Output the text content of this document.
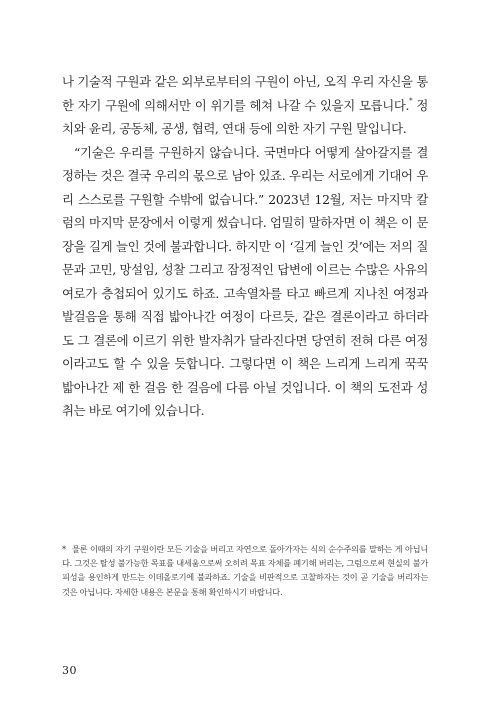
나 기술적 구원과 같은 외부로부터의 구원이 아닌, 오직 우리 자신을 통한 자기 구원에 의해서만 이 위기를 헤쳐 나갈 수 있을지 모릅니다.* 정치와 윤리, 공동체, 공생, 협력, 연대 등에 의한 자기 구원 말입니다.

“기술은 우리를 구원하지 않습니다. 국면마다 어떻게 살아갈지를 결정하는 것은 결국 우리의 몫으로 남아 있죠. 우리는 서로에게 기대어 우리 스스로를 구원할 수밖에 없습니다.” 2023년 12월, 저는 마지막 칼럼의 마지막 문장에서 이렇게 썼습니다. 엄밀히 말하자면 이 책은 이 문장을 길게 늘인 것에 불과합니다. 하지만 이 ‘길게 늘인 것’에는 저의 질문과 고민, 망설임, 성찰 그리고 잠정적인 답변에 이르는 수많은 사유의 여로가 층첩되어 있기도 하죠. 고속열차를 타고 빠르게 지나친 여정과 발걸음을 통해 직접 밟아나간 여정이 다르듯, 같은 결론이라고 하더라도 그 결론에 이르기 위한 발자취가 달라진다면 당연히 전혀 다른 여정이라고도 할 수 있을 듯합니다. 그렇다면 이 책은 느리게 느리게 꾹꾹 밟아나간 제 한 걸음 한 걸음에 다름 아닐 것입니다. 이 책의 도전과 성취는 바로 여기에 있습니다.

* 물론 이때의 자기 구원이란 모든 기술을 버리고 자연으로 돌아가자는 식의 순수주의를 말하는 게 아닙니다. 그것은 탈성 불가능한 목표를 내세움으로써 오히려 목표 자체를 폐기해 버리는, 그럼으로써 현실의 불가피성을 용인하게 만드는 이데올로기에 불과하죠. 기술을 비판적으로 고찰하자는 것이 곧 기술을 버리자는 것은 아닙니다. 자세한 내용은 본문을 통해 확인하시기 바랍니다.
30
